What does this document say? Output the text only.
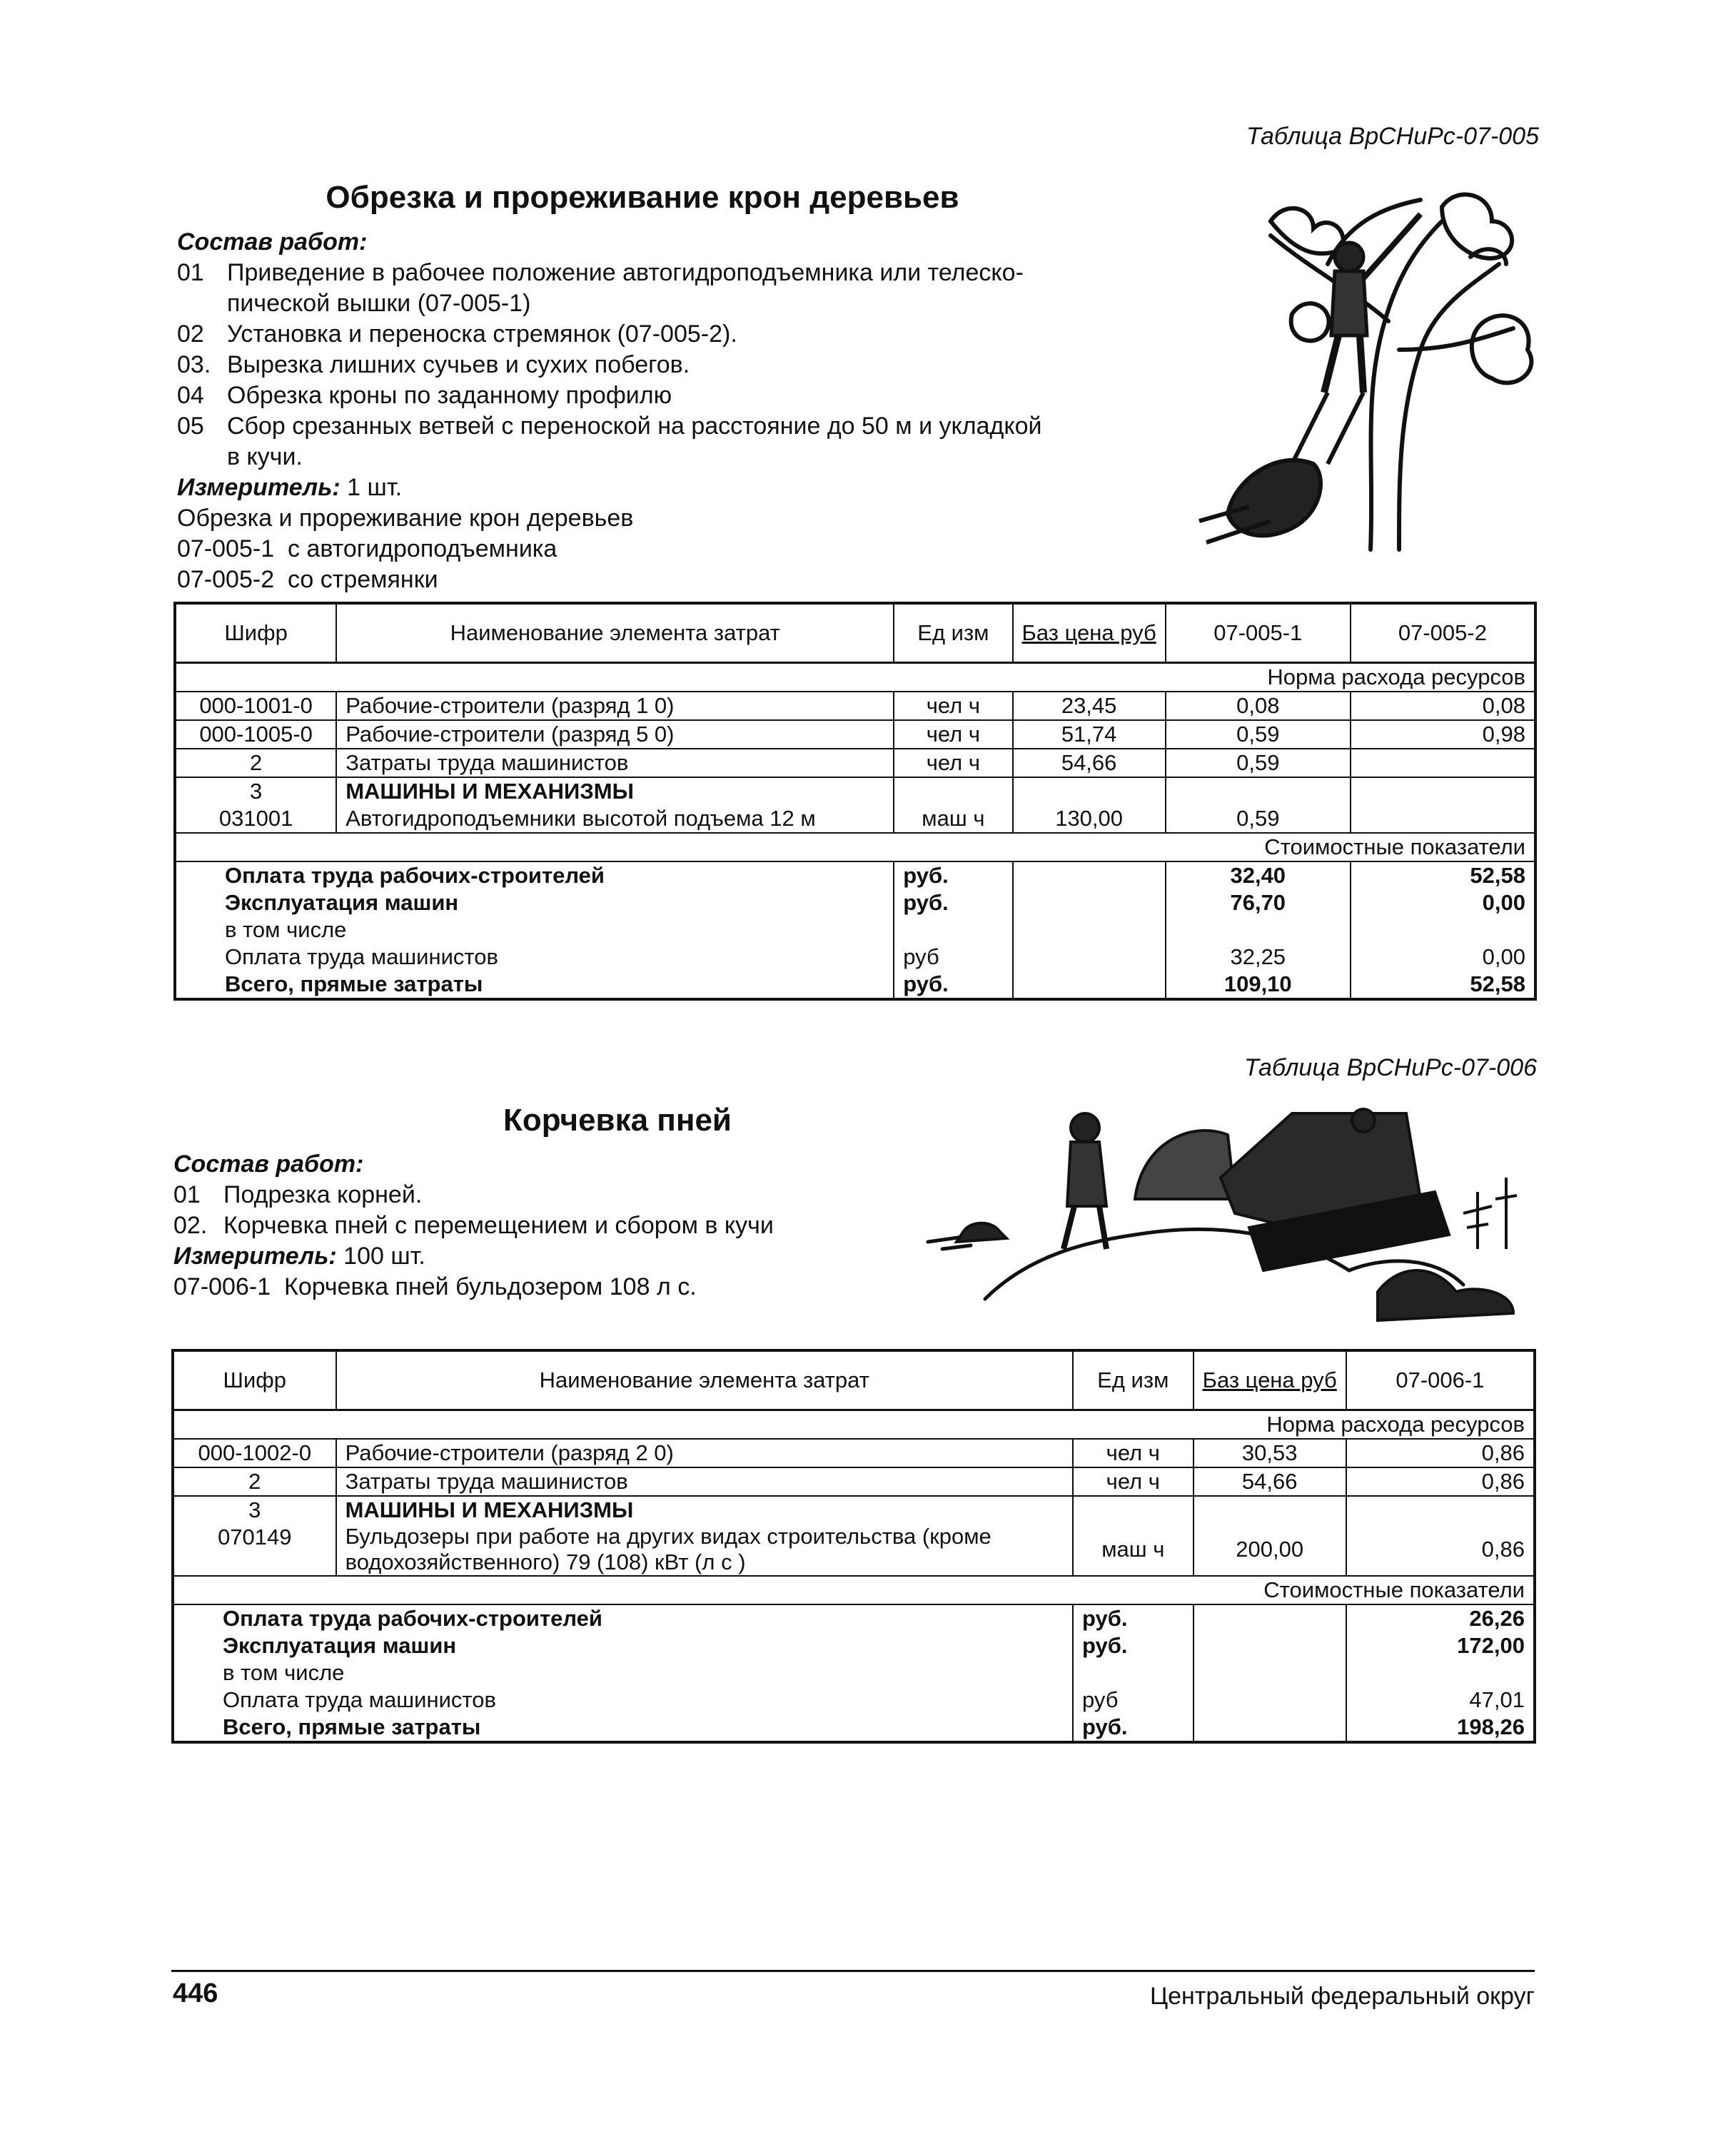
Таблица ВрСНиРс-07-005
Обрезка и прореживание крон деревьев
Состав работ:
01 Приведение в рабочее положение автогидроподъемника или телеско-
пической вышки (07-005-1)
02 Установка и переноска стремянок (07-005-2).
03. Вырезка лишних сучьев и сухих побегов.
04 Обрезка кроны по заданному профилю
05 Сбор срезанных ветвей с переноской на расстояние до 50 м и укладкой
в кучи.
Измеритель: 1 шт.
Обрезка и прореживание крон деревьев
07-005-1 с автогидроподъемника
07-005-2 со стремянки
Шифр	Наименование элемента затрат	Ед изм	Баз цена руб	07-005-1	07-005-2
				Норма расхода ресурсов	
000-1001-0	Рабочие-строители (разряд 1 0)	чел ч	23,45	0,08	0,08
000-1005-0	Рабочие-строители (разряд 5 0)	чел ч	51,74	0,59	0,98
2	Затраты труда машинистов	чел ч	54,66	0,59	
3	МАШИНЫ И МЕХАНИЗМЫ				
031001	Автогидроподъемники высотой подъема 12 м	маш ч	130,00	0,59	
				Стоимостные показатели	
Оплата труда рабочих-строителей		руб.		32,40	52,58
Эксплуатация машин		руб.		76,70	0,00
в том числе					
Оплата труда машинистов		руб		32,25	0,00
Всего, прямые затраты		руб.		109,10	52,58
Таблица ВрСНиРс-07-006
Корчевка пней
Состав работ:
01 Подрезка корней.
02. Корчевка пней с перемещением и сбором в кучи
Измеритель: 100 шт.
07-006-1 Корчевка пней бульдозером 108 л с.
Шифр	Наименование элемента затрат	Ед изм	Баз цена руб	07-006-1
			Норма расхода ресурсов	
000-1002-0	Рабочие-строители (разряд 2 0)	чел ч	30,53	0,86
2	Затраты труда машинистов	чел ч	54,66	0,86
3	МАШИНЫ И МЕХАНИЗМЫ			
070149	Бульдозеры при работе на других видах строительства (кроме водохозяйственного) 79 (108) кВт (л с )	маш ч	200,00	0,86
			Стоимостные показатели	
Оплата труда рабочих-строителей		руб.		26,26
Эксплуатация машин		руб.		172,00
в том числе				
Оплата труда машинистов		руб		47,01
Всего, прямые затраты		руб.		198,26
446	Центральный федеральный округ
